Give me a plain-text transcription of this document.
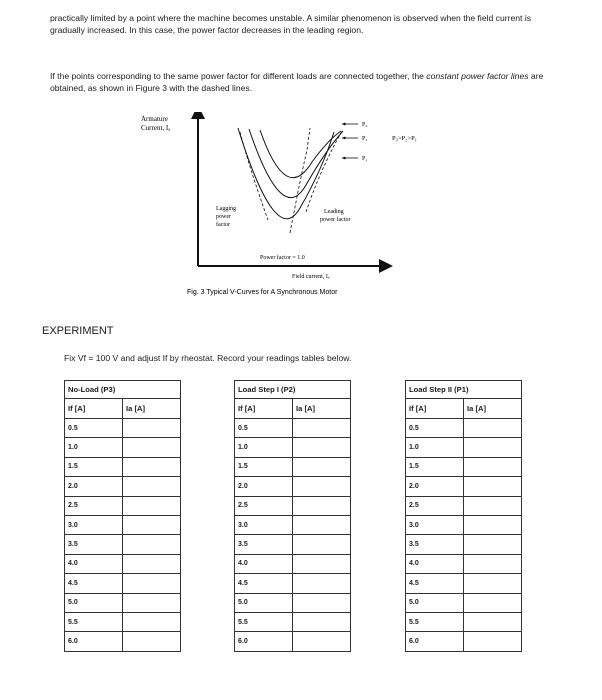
practically limited by a point where the machine becomes unstable. A similar phenomenon is observed when the field current is gradually increased. In this case, the power factor decreases in the leading region.
If the points corresponding to the same power factor for different loads are connected together, the constant power factor lines are obtained, as shown in Figure 3 with the dashed lines.
Armature
Current, Iₐ	P₃
P₂
P₁
P₃>P₂>P₁
Lagging
power
factor
Leading
power factor
Power factor = 1.0
Field current, Iₑ
Fig. 3 Typical V-Curves for A Synchronous Motor
EXPERIMENT
Fix Vf = 100 V and adjust If by rheostat. Record your readings tables below.
No-Load (P3)	
If [A]	Ia [A]
0.5	
1.0	
1.5	
2.0	
2.5	
3.0	
3.5	
4.0	
4.5	
5.0	
5.5	
6.0	
Load Step I (P2)	
If [A]	Ia [A]
0.5	
1.0	
1.5	
2.0	
2.5	
3.0	
3.5	
4.0	
4.5	
5.0	
5.5	
6.0	
Load Step II (P1)	
If [A]	Ia [A]
0.5	
1.0	
1.5	
2.0	
2.5	
3.0	
3.5	
4.0	
4.5	
5.0	
5.5	
6.0	
